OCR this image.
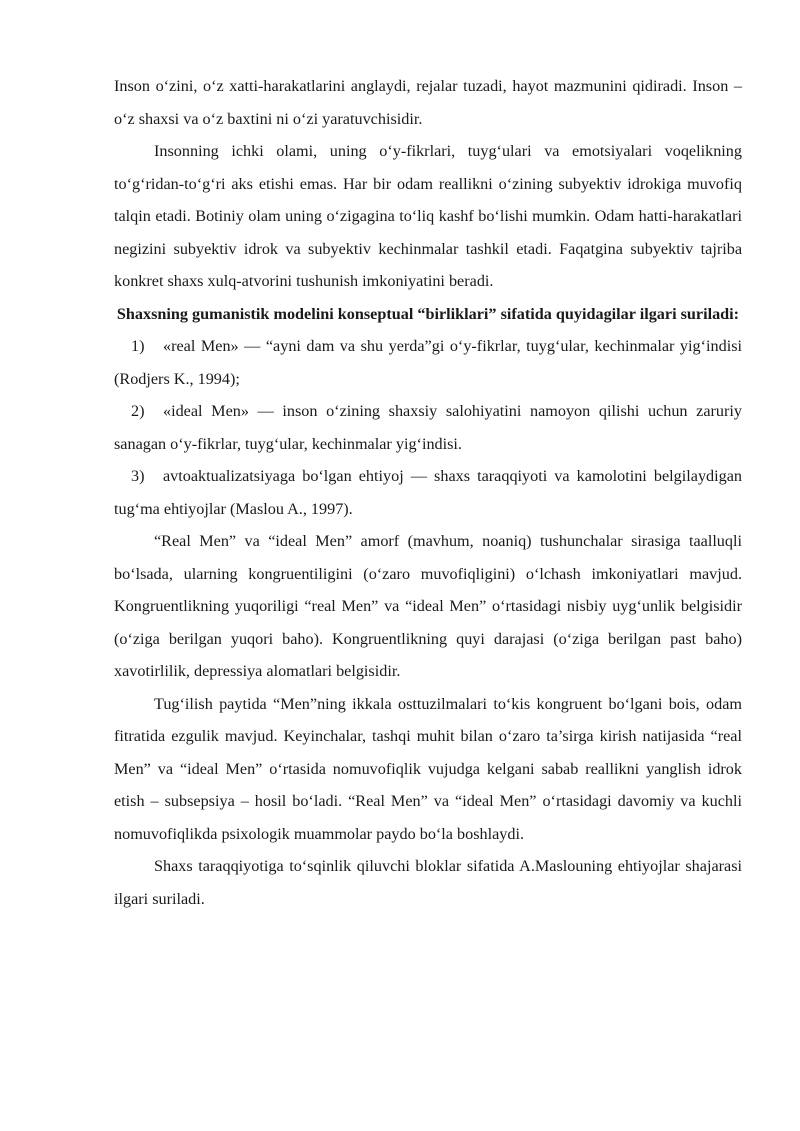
Inson o‘zini, o‘z xatti-harakatlarini anglaydi, rejalar tuzadi, hayot mazmunini qidiradi. Inson – o‘z shaxsi va o‘z baxtini ni o‘zi yaratuvchisidir.

Insonning ichki olami, uning o‘y-fikrlari, tuyg‘ulari va emotsiyalari voqelikning to‘g‘ridan-to‘g‘ri aks etishi emas. Har bir odam reallikni o‘zining subyektiv idrokiga muvofiq talqin etadi. Botiniy olam uning o‘zigagina to‘liq kashf bo‘lishi mumkin. Odam hatti-harakatlari negizini subyektiv idrok va subyektiv kechinmalar tashkil etadi. Faqatgina subyektiv tajriba konkret shaxs xulq-atvorini tushunish imkoniyatini beradi.

Shaxsning gumanistik modelini konseptual “birliklari” sifatida quyidagilar ilgari suriladi:

1) «real Men» — “ayni dam va shu yerda”gi o‘y-fikrlar, tuyg‘ular, kechinmalar yig‘indisi (Rodjers K., 1994);

2) «ideal Men» — inson o‘zining shaxsiy salohiyatini namoyon qilishi uchun zaruriy sanagan o‘y-fikrlar, tuyg‘ular, kechinmalar yig‘indisi.

3) avtoaktualizatsiyaga bo‘lgan ehtiyoj — shaxs taraqqiyoti va kamolotini belgilaydigan tug‘ma ehtiyojlar (Maslou A., 1997).

“Real Men” va “ideal Men” amorf (mavhum, noaniq) tushunchalar sirasiga taalluqli bo‘lsada, ularning kongruentiligini (o‘zaro muvofiqligini) o‘lchash imkoniyatlari mavjud. Kongruentlikning yuqoriligi “real Men” va “ideal Men” o‘rtasidagi nisbiy uyg‘unlik belgisidir (o‘ziga berilgan yuqori baho). Kongruentlikning quyi darajasi (o‘ziga berilgan past baho) xavotirlilik, depressiya alomatlari belgisidir.

Tug‘ilish paytida “Men”ning ikkala osttuzilmalari to‘kis kongruent bo‘lgani bois, odam fitratida ezgulik mavjud. Keyinchalar, tashqi muhit bilan o‘zaro ta’sirga kirish natijasida “real Men” va “ideal Men” o‘rtasida nomuvofiqlik vujudga kelgani sabab reallikni yanglish idrok etish – subsepsiya – hosil bo‘ladi. “Real Men” va “ideal Men” o‘rtasidagi davomiy va kuchli nomuvofiqlikda psixologik muammolar paydo bo‘la boshlaydi.

Shaxs taraqqiyotiga to‘sqinlik qiluvchi bloklar sifatida A.Maslouning ehtiyojlar shajarasi ilgari suriladi.
